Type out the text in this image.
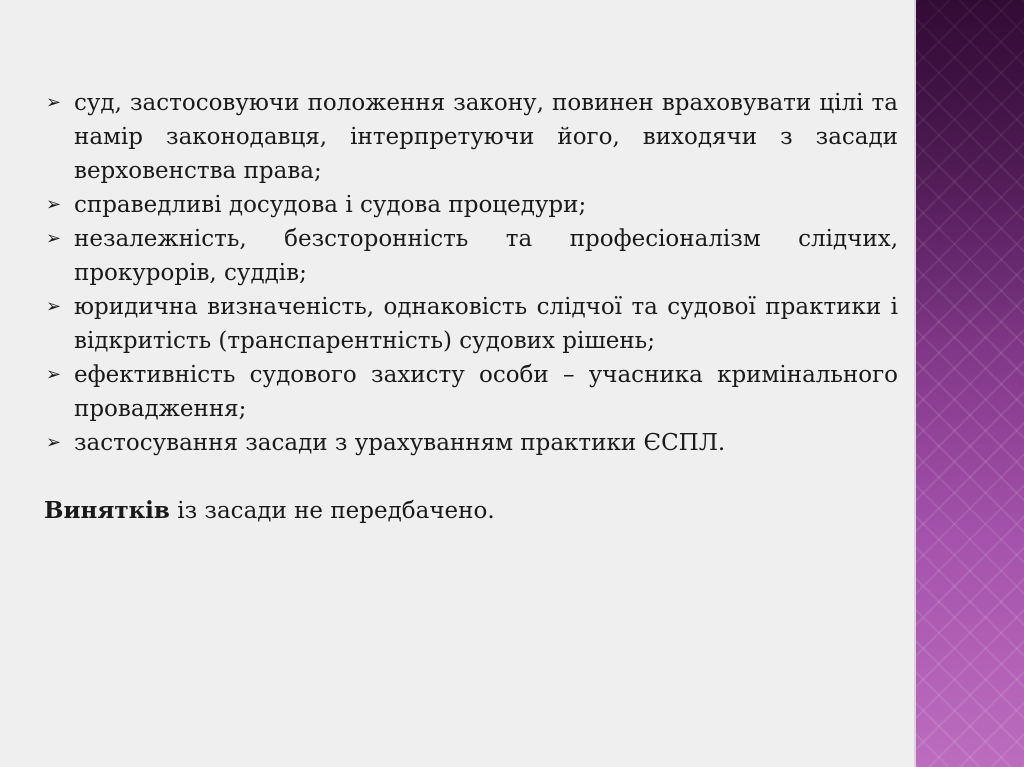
➢ суд, застосовуючи положення закону, повинен враховувати цілі та намір законодавця, інтерпретуючи його, виходячи з засади верховенства права;
➢ справедливі досудова і судова процедури;
➢ незалежність, безсторонність та професіоналізм слідчих, прокурорів, суддів;
➢ юридична визначеність, однаковість слідчої та судової практики і відкритість (транспарентність) судових рішень;
➢ ефективність судового захисту особи – учасника кримінального провадження;
➢ застосування засади з урахуванням практики ЄСПЛ.

Винятків із засади не передбачено.
